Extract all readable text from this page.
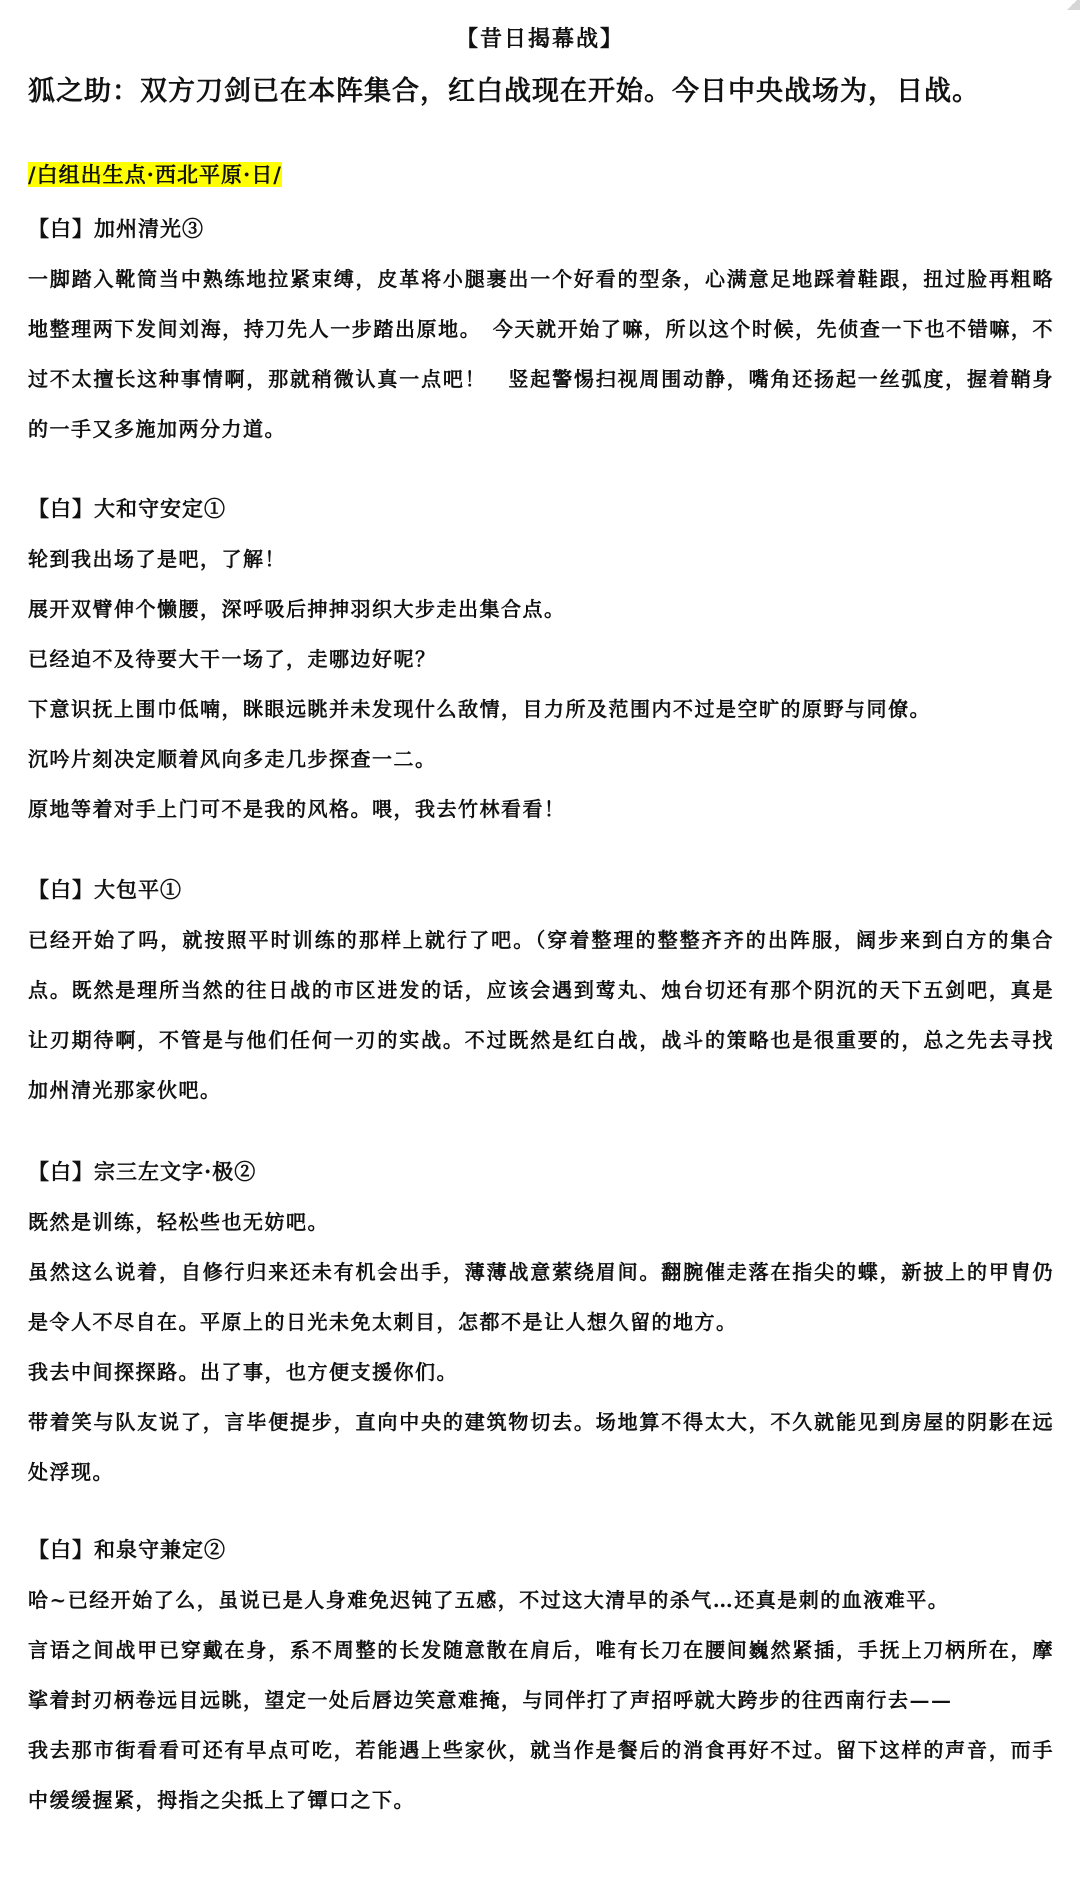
【昔日揭幕战】
狐之助：双方刀剑已在本阵集合，红白战现在开始。今日中央战场为，日战。
/白组出生点·西北平原·日/
【白】加州清光③

一脚踏入靴筒当中熟练地拉紧束缚，皮革将小腿裹出一个好看的型条，心满意足地踩着鞋跟，扭过脸再粗略地整理两下发间刘海，持刀先人一步踏出原地。　今天就开始了嘛，所以这个时候，先侦查一下也不错嘛，不过不太擅长这种事情啊，那就稍微认真一点吧！　竖起警惕扫视周围动静，嘴角还扬起一丝弧度，握着鞘身的一手又多施加两分力道。

【白】大和守安定①

轮到我出场了是吧，了解！

展开双臂伸个懒腰，深呼吸后抻抻羽织大步走出集合点。

已经迫不及待要大干一场了，走哪边好呢？

下意识抚上围巾低喃，眯眼远眺并未发现什么敌情，目力所及范围内不过是空旷的原野与同僚。

沉吟片刻决定顺着风向多走几步探查一二。

原地等着对手上门可不是我的风格。喂，我去竹林看看！

【白】大包平①

已经开始了吗，就按照平时训练的那样上就行了吧。（穿着整理的整整齐齐的出阵服，阔步来到白方的集合点。既然是理所当然的往日战的市区进发的话，应该会遇到莺丸、烛台切还有那个阴沉的天下五剑吧，真是让刃期待啊，不管是与他们任何一刃的实战。不过既然是红白战，战斗的策略也是很重要的，总之先去寻找加州清光那家伙吧。

【白】宗三左文字·极②

既然是训练，轻松些也无妨吧。

虽然这么说着，自修行归来还未有机会出手，薄薄战意萦绕眉间。翻腕催走落在指尖的蝶，新披上的甲胄仍是令人不尽自在。平原上的日光未免太刺目，怎都不是让人想久留的地方。

我去中间探探路。出了事，也方便支援你们。

带着笑与队友说了，言毕便提步，直向中央的建筑物切去。场地算不得太大，不久就能见到房屋的阴影在远处浮现。

【白】和泉守兼定②

哈~已经开始了么，虽说已是人身难免迟钝了五感，不过这大清早的杀气…还真是刺的血液难平。

言语之间战甲已穿戴在身，系不周整的长发随意散在肩后，唯有长刀在腰间巍然紧插，手抚上刀柄所在，摩挲着封刃柄卷远目远眺，望定一处后唇边笑意难掩，与同伴打了声招呼就大跨步的往西南行去——

我去那市街看看可还有早点可吃，若能遇上些家伙，就当作是餐后的消食再好不过。留下这样的声音，而手中缓缓握紧，拇指之尖抵上了镡口之下。
